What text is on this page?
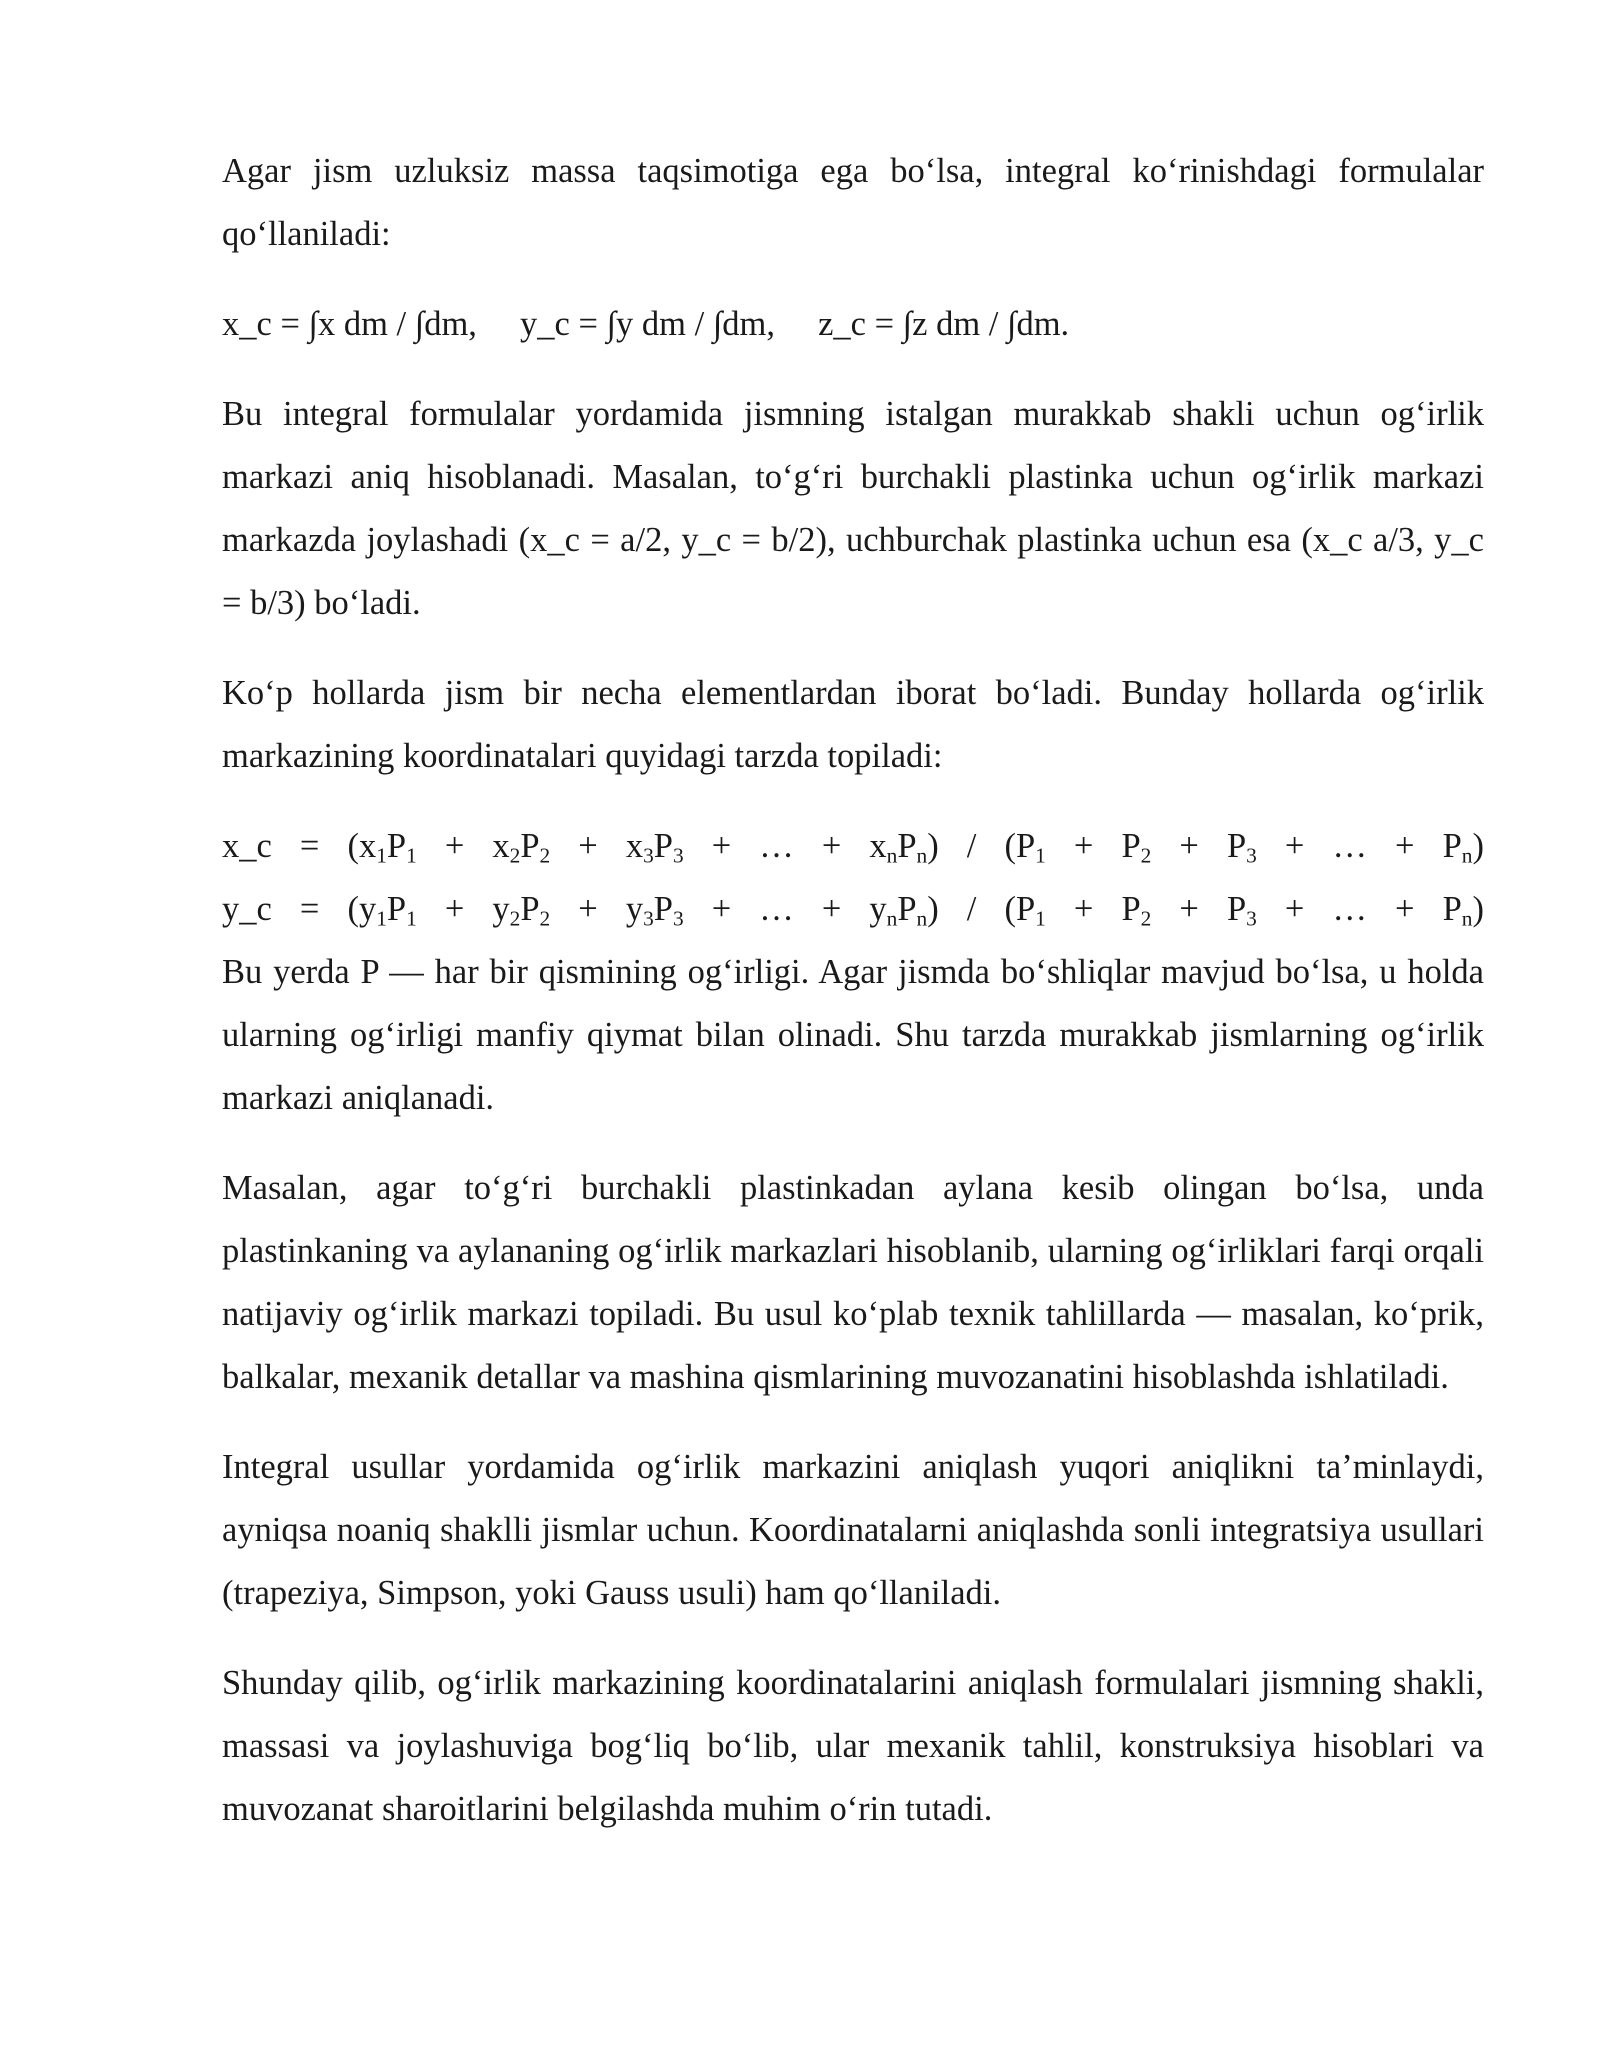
Agar jism uzluksiz massa taqsimotiga ega bo‘lsa, integral ko‘rinishdagi formulalar qo‘llaniladi:

x_c = ∫x dm / ∫dm,     y_c = ∫y dm / ∫dm,     z_c = ∫z dm / ∫dm.

Bu integral formulalar yordamida jismning istalgan murakkab shakli uchun og‘irlik markazi aniq hisoblanadi. Masalan, to‘g‘ri burchakli plastinka uchun og‘irlik markazi markazda joylashadi (x_c = a/2, y_c = b/2), uchburchak plastinka uchun esa (x_c a/3, y_c = b/3) bo‘ladi.

Ko‘p hollarda jism bir necha elementlardan iborat bo‘ladi. Bunday hollarda og‘irlik markazining koordinatalari quyidagi tarzda topiladi:

x_c = ($x_1P_1 + x_2P_2 + x_3P_3$ + … + $x_nP_n) / (P_1 + P_2 + P_3$ + … + $P_n$)
y_c = ($y_1P_1 + y_2P_2 + y_3P_3$ + … + $y_nP_n) / (P_1 + P_2 + P_3$ + … + $P_n$)

Bu yerda P — har bir qismining og‘irligi. Agar jismda bo‘shliqlar mavjud bo‘lsa, u holda ularning og‘irligi manfiy qiymat bilan olinadi. Shu tarzda murakkab jismlarning og‘irlik markazi aniqlanadi.

Masalan, agar to‘g‘ri burchakli plastinkadan aylana kesib olingan bo‘lsa, unda plastinkaning va aylananing og‘irlik markazlari hisoblanib, ularning og‘irliklari farqi orqali natijaviy og‘irlik markazi topiladi. Bu usul ko‘plab texnik tahlillarda — masalan, ko‘prik, balkalar, mexanik detallar va mashina qismlarining muvozanatini hisoblashda ishlatiladi.

Integral usullar yordamida og‘irlik markazini aniqlash yuqori aniqlikni ta’minlaydi, ayniqsa noaniq shaklli jismlar uchun. Koordinatalarni aniqlashda sonli integratsiya usullari (trapeziya, Simpson, yoki Gauss usuli) ham qo‘llaniladi.

Shunday qilib, og‘irlik markazining koordinatalarini aniqlash formulalari jismning shakli, massasi va joylashuviga bog‘liq bo‘lib, ular mexanik tahlil, konstruksiya hisoblari va muvozanat sharoitlarini belgilashda muhim o‘rin tutadi.
